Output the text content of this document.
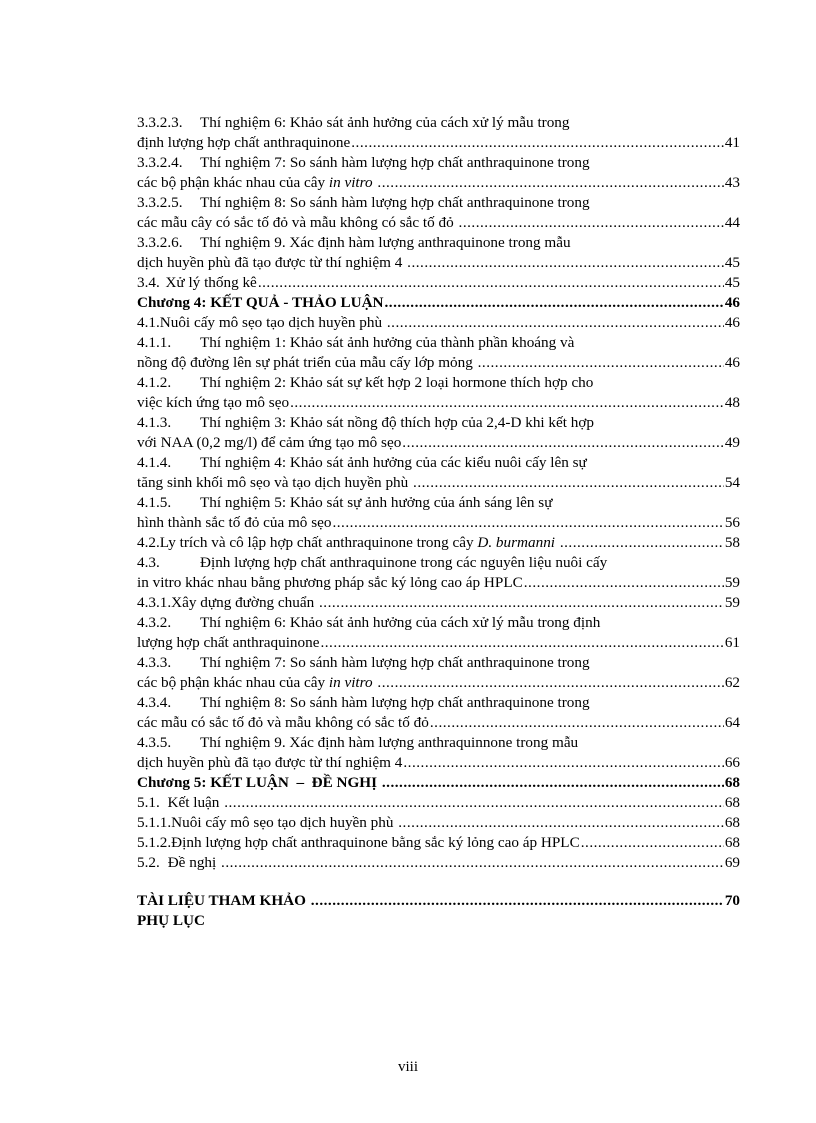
3.3.2.3.	Thí nghiệm 6: Khảo sát ảnh hưởng của cách xử lý mẫu trong
định lượng hợp chất anthraquinone .....	41
3.3.2.4.	Thí nghiệm 7: So sánh hàm lượng hợp chất anthraquinone trong
các bộ phận khác nhau của cây in vitro
.....	43
3.3.2.5.	Thí nghiệm 8: So sánh hàm lượng hợp chất anthraquinone trong
các mẫu cây có sắc tố đỏ và mẫu không có sắc tố đỏ .....	44
3.3.2.6.	Thí nghiệm 9. Xác định hàm lượng anthraquinone trong mẫu
dịch huyền phù đã tạo được từ thí nghiệm 4 .....	45
3.4. Xử lý thống kê .....	45
Chương 4: KẾT QUẢ - THẢO LUẬN .....	46
4.1. Nuôi cấy mô sẹo tạo dịch huyền phù .....	46
4.1.1.	Thí nghiệm 1: Khảo sát ảnh hưởng của thành phần khoáng và
nồng độ đường lên sự phát triển của mẫu cấy lớp mỏng .....	46
4.1.2.	Thí nghiệm 2: Khảo sát sự kết hợp 2 loại hormone thích hợp cho
việc kích ứng tạo mô sẹo .....	48
4.1.3.	Thí nghiệm 3: Khảo sát nồng độ thích hợp của 2,4-D khi kết hợp
với NAA (0,2 mg/l) để cảm ứng tạo mô sẹo .....	49
4.1.4.	Thí nghiệm 4: Khảo sát ảnh hưởng của các kiểu nuôi cấy lên sự
tăng sinh khối mô sẹo và tạo dịch huyền phù .....	54
4.1.5.	Thí nghiệm 5: Khảo sát sự ảnh hưởng của ánh sáng lên sự
hình thành sắc tố đỏ của mô sẹo .....	56
4.2. Ly trích và cô lập hợp chất anthraquinone trong cây D. burmanni
.....	58
4.3.	Định lượng hợp chất anthraquinone trong các nguyên liệu nuôi cấy
in vitro khác nhau bằng phương pháp sắc ký lỏng cao áp HPLC .....	59
4.3.1. Xây dựng đường chuẩn .....	59
4.3.2.	Thí nghiệm 6: Khảo sát ảnh hưởng của cách xử lý mẫu trong định
lượng hợp chất anthraquinone .....	61
4.3.3.	Thí nghiệm 7: So sánh hàm lượng hợp chất anthraquinone trong
các bộ phận khác nhau của cây in vitro
.....	62
4.3.4.	Thí nghiệm 8: So sánh hàm lượng hợp chất anthraquinone trong
các mẫu có sắc tố đỏ và mẫu không có sắc tố đỏ .....	64
4.3.5.	Thí nghiệm 9. Xác định hàm lượng anthraquinnone trong mẫu
dịch huyền phù đã tạo được từ thí nghiệm 4 .....	66
Chương 5: KẾT LUẬN  –  ĐỀ NGHỊ .....	68
5.1. Kết luận .....	68
5.1.1. Nuôi cấy mô sẹo tạo dịch huyền phù .....	68
5.1.2. Định lượng hợp chất anthraquinone bằng sắc ký lỏng cao áp HPLC .....	68
5.2. Đề nghị .....	69
TÀI LIỆU THAM KHẢO .....	70
PHỤ LỤC
viii
